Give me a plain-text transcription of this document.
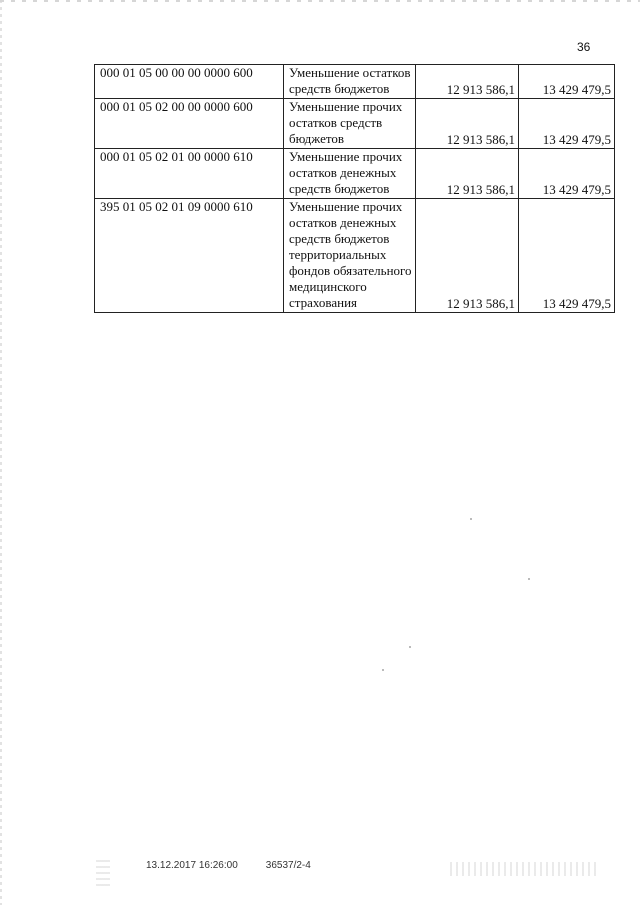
36
000 01 05 00 00 00 0000 600	Уменьшение остатков средств бюджетов	12 913 586,1	13 429 479,5
000 01 05 02 00 00 0000 600	Уменьшение прочих остатков средств бюджетов	12 913 586,1	13 429 479,5
000 01 05 02 01 00 0000 610	Уменьшение прочих остатков денежных средств бюджетов	12 913 586,1	13 429 479,5
395 01 05 02 01 09 0000 610	Уменьшение прочих остатков денежных средств бюджетов территориальных фондов обязательного медицинского страхования	12 913 586,1	13 429 479,5
13.12.2017 16:26:00	36537/2-4
